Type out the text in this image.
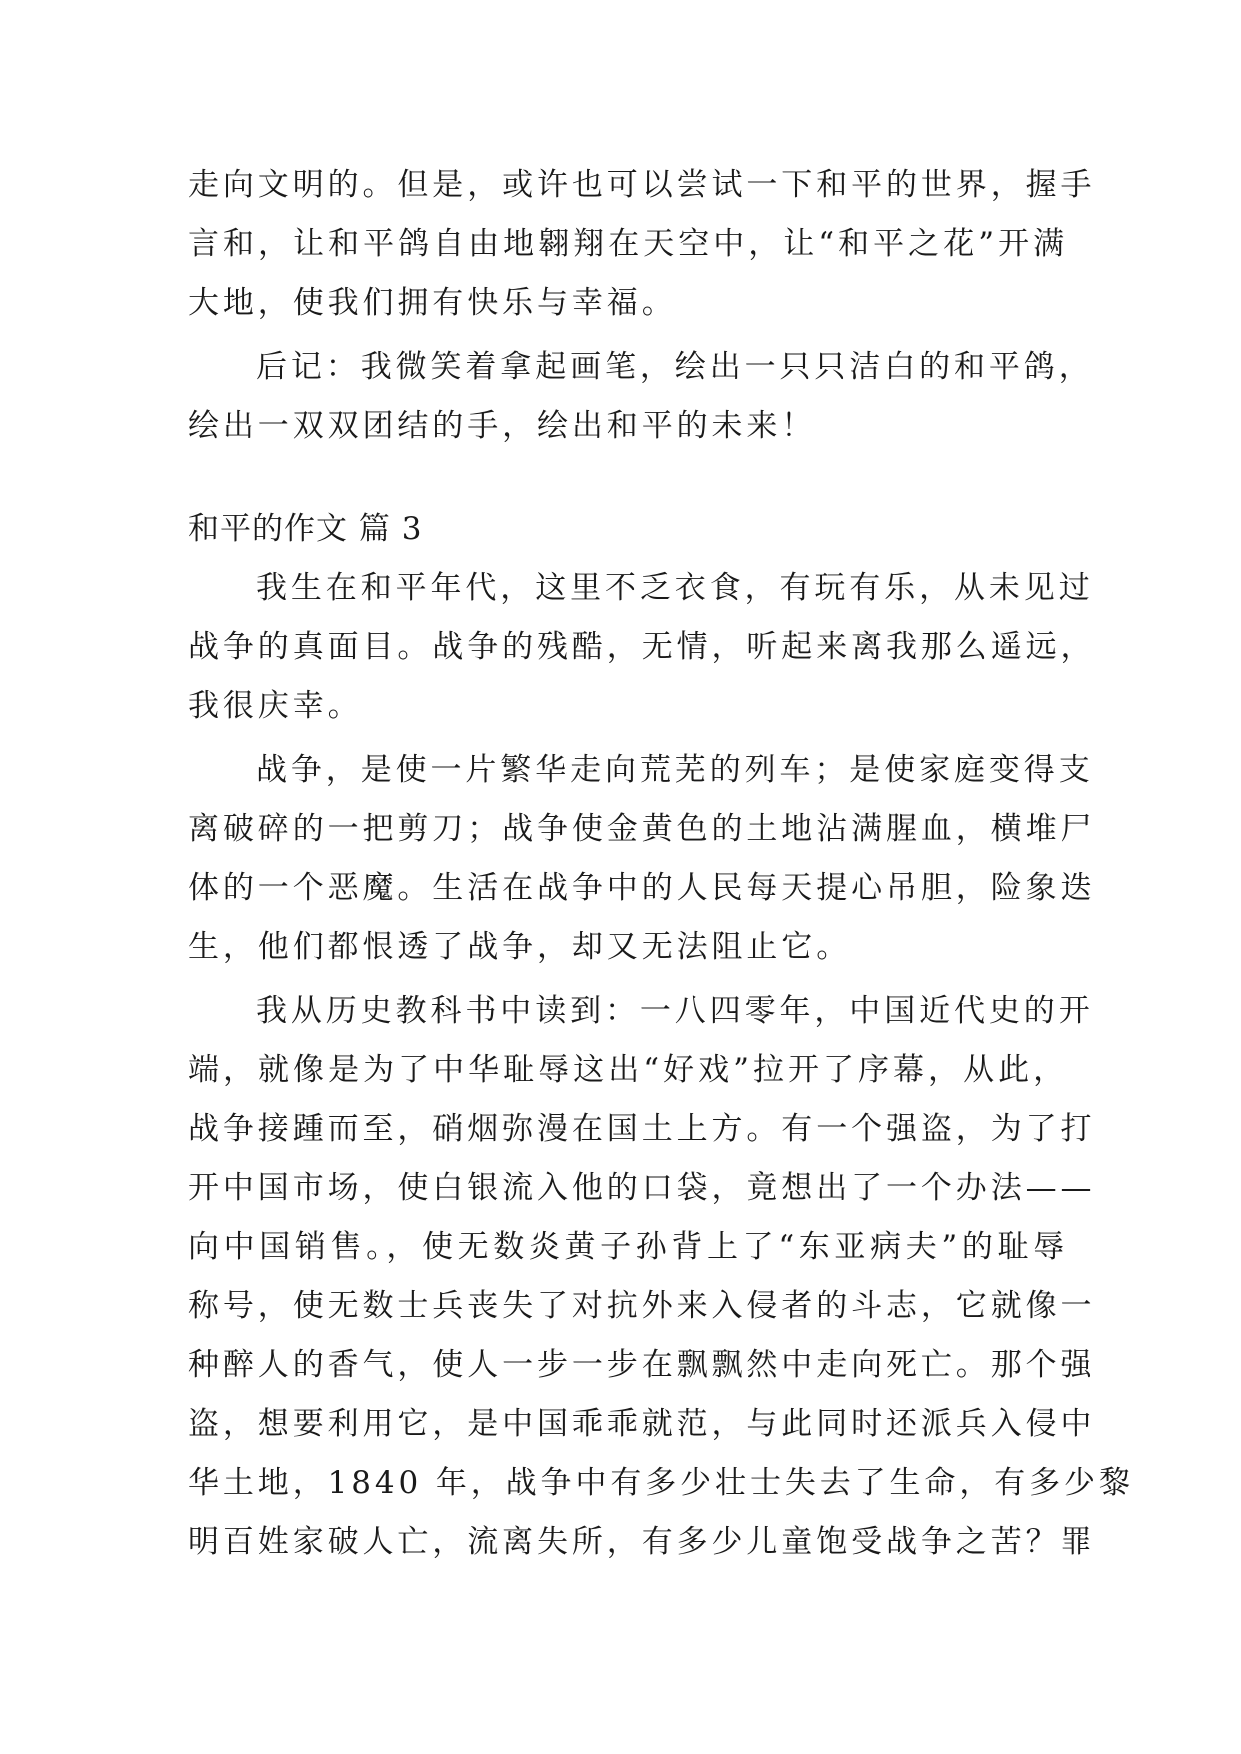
走向文明的。但是，或许也可以尝试一下和平的世界，握手
言和，让和平鸽自由地翱翔在天空中，让“和平之花”开满
大地，使我们拥有快乐与幸福。
后记：我微笑着拿起画笔，绘出一只只洁白的和平鸽，
绘出一双双团结的手，绘出和平的未来！
和平的作文 篇 3
我生在和平年代，这里不乏衣食，有玩有乐，从未见过
战争的真面目。战争的残酷，无情，听起来离我那么遥远，
我很庆幸。
战争，是使一片繁华走向荒芜的列车；是使家庭变得支
离破碎的一把剪刀；战争使金黄色的土地沾满腥血，横堆尸
体的一个恶魔。生活在战争中的人民每天提心吊胆，险象迭
生，他们都恨透了战争，却又无法阻止它。
我从历史教科书中读到：一八四零年，中国近代史的开
端，就像是为了中华耻辱这出“好戏”拉开了序幕，从此，
战争接踵而至，硝烟弥漫在国土上方。有一个强盗，为了打
开中国市场，使白银流入他的口袋，竟想出了一个办法——
向中国销售。，使无数炎黄子孙背上了“东亚病夫”的耻辱
称号，使无数士兵丧失了对抗外来入侵者的斗志，它就像一
种醉人的香气，使人一步一步在飘飘然中走向死亡。那个强
盗，想要利用它，是中国乖乖就范，与此同时还派兵入侵中
华土地，1840 年，战争中有多少壮士失去了生命，有多少黎
明百姓家破人亡，流离失所，有多少儿童饱受战争之苦？罪
